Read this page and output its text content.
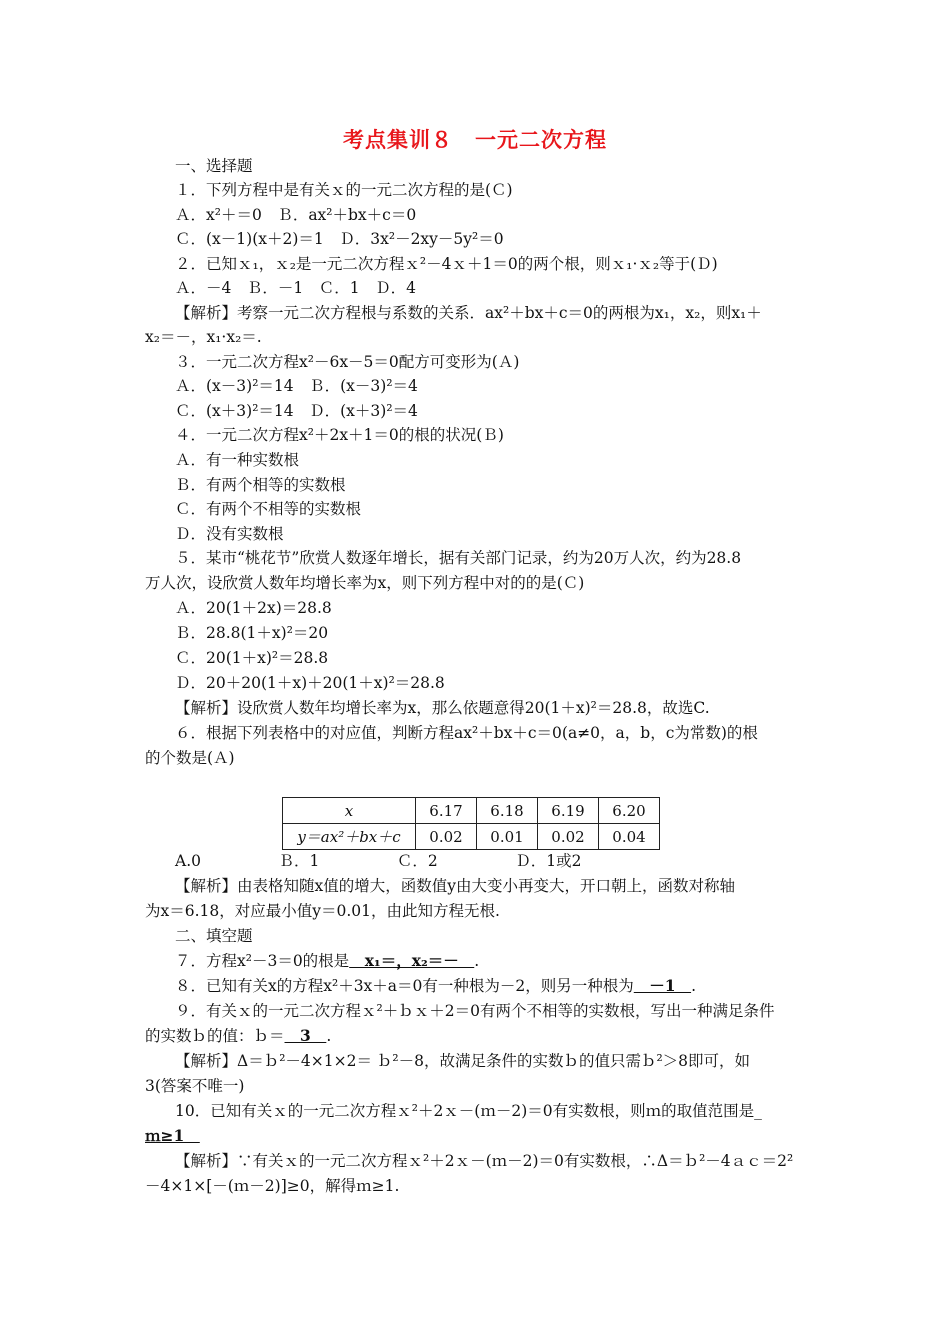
考点集训８　一元二次方程
一、选择题
１．下列方程中是有关ｘ的一元二次方程的是(Ｃ)
Ａ．x²＋＝0　Ｂ．ax²＋bx＋c＝0
Ｃ．(x－1)(x＋2)＝1　Ｄ．3x²－2xy－5y²＝0
２．已知ｘ₁，ｘ₂是一元二次方程ｘ²－4ｘ＋1＝0的两个根，则ｘ₁·ｘ₂等于(Ｄ)
Ａ．－4　Ｂ．－1　Ｃ．1　Ｄ．4
【解析】考察一元二次方程根与系数的关系．ax²＋bx＋c＝0的两根为x₁，x₂，则x₁＋
x₂＝－，x₁·x₂＝.
３．一元二次方程x²－6x－5＝0配方可变形为(Ａ)
Ａ．(x－3)²＝14　Ｂ．(x－3)²＝4
Ｃ．(x＋3)²＝14　Ｄ．(x＋3)²＝4
４．一元二次方程x²＋2x＋1＝0的根的状况(Ｂ)
Ａ．有一种实数根
Ｂ．有两个相等的实数根
Ｃ．有两个不相等的实数根
Ｄ．没有实数根
５．某市“桃花节”欣赏人数逐年增长，据有关部门记录，约为20万人次，约为28.8
万人次，设欣赏人数年均增长率为x，则下列方程中对的的是(Ｃ)
Ａ．20(1＋2x)＝28.8
Ｂ．28.8(1＋x)²＝20
Ｃ．20(1＋x)²＝28.8
Ｄ．20＋20(1＋x)＋20(1＋x)²＝28.8
【解析】设欣赏人数年均增长率为x，那么依题意得20(1＋x)²＝28.8，故选C.
６．根据下列表格中的对应值，判断方程ax²＋bx＋c＝0(a≠0，a，b，c为常数)的根
的个数是(Ａ)
x	6.17	6.18	6.19	6.20
y＝ax²＋bx＋c	0.02	0.01	0.02	0.04
A.0　　　　　Ｂ．1　　　　　Ｃ．2　　　　　Ｄ．1或2
【解析】由表格知随x值的增大，函数值y由大变小再变大，开口朝上，函数对称轴
为x＝6.18，对应最小值y＝0.01，由此知方程无根.
二、填空题
７．方程x²－3＝0的根是　x₁＝，x₂＝－　.
８．已知有关x的方程x²＋3x＋a＝0有一种根为－2，则另一种根为　－1　.
９．有关ｘ的一元二次方程ｘ²＋ｂｘ＋2＝0有两个不相等的实数根，写出一种满足条件
的实数ｂ的值：ｂ＝　3　.
【解析】Δ＝ｂ²－4×1×2＝ ｂ²－8，故满足条件的实数ｂ的值只需ｂ²＞8即可，如
3(答案不唯一)
10．已知有关ｘ的一元二次方程ｘ²＋2ｘ－(ｍ－2)＝0有实数根，则ｍ的取值范围是_
ｍ≥1　
【解析】∵有关ｘ的一元二次方程ｘ²＋2ｘ－(ｍ－2)＝0有实数根，∴Δ＝ｂ²－4ａｃ＝2²
－4×1×[－(ｍ－2)]≥0，解得ｍ≥1.
